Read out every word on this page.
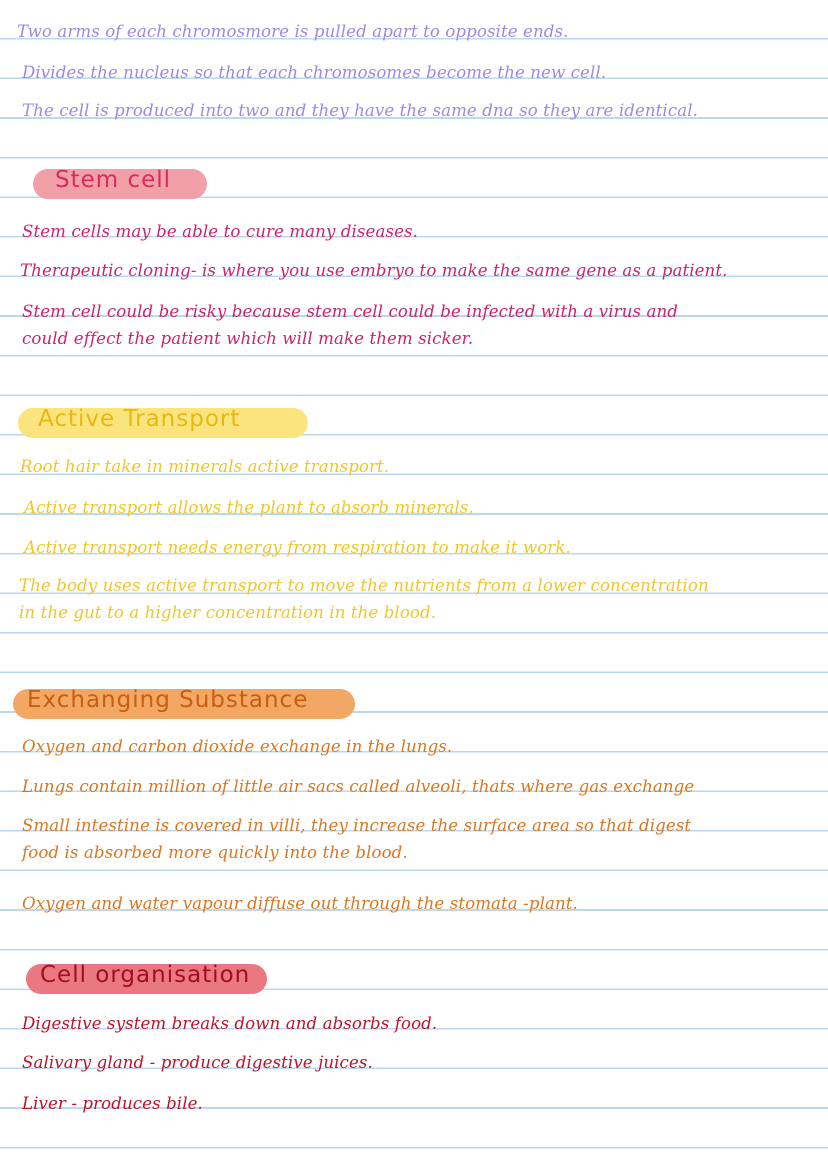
Two arms of each chromosmore is pulled apart to opposite ends.
Divides the nucleus so that each chromosomes become the new cell.
The cell is produced into two and they have the same dna so they are identical.
Stem cell
Stem cells may be able to cure many diseases.
Therapeutic cloning- is where you use embryo to make the same gene as a patient.
Stem cell could be risky because stem cell could be infected with a virus and
could effect the patient which will make them sicker.
Active Transport
Root hair take in minerals active transport.
Active transport allows the plant to absorb minerals.
Active transport needs energy from respiration to make it work.
The body uses active transport to move the nutrients from a lower concentration
in the gut to a higher concentration in the blood.
Exchanging Substance
Oxygen and carbon dioxide exchange in the lungs.
Lungs contain million of little air sacs called alveoli, thats where gas exchange
Small intestine is covered in villi, they increase the surface area so that digest
food is absorbed more quickly into the blood.
Oxygen and water vapour diffuse out through the stomata -plant.
Cell organisation
Digestive system breaks down and absorbs food.
Salivary gland - produce digestive juices.
Liver - produces bile.
